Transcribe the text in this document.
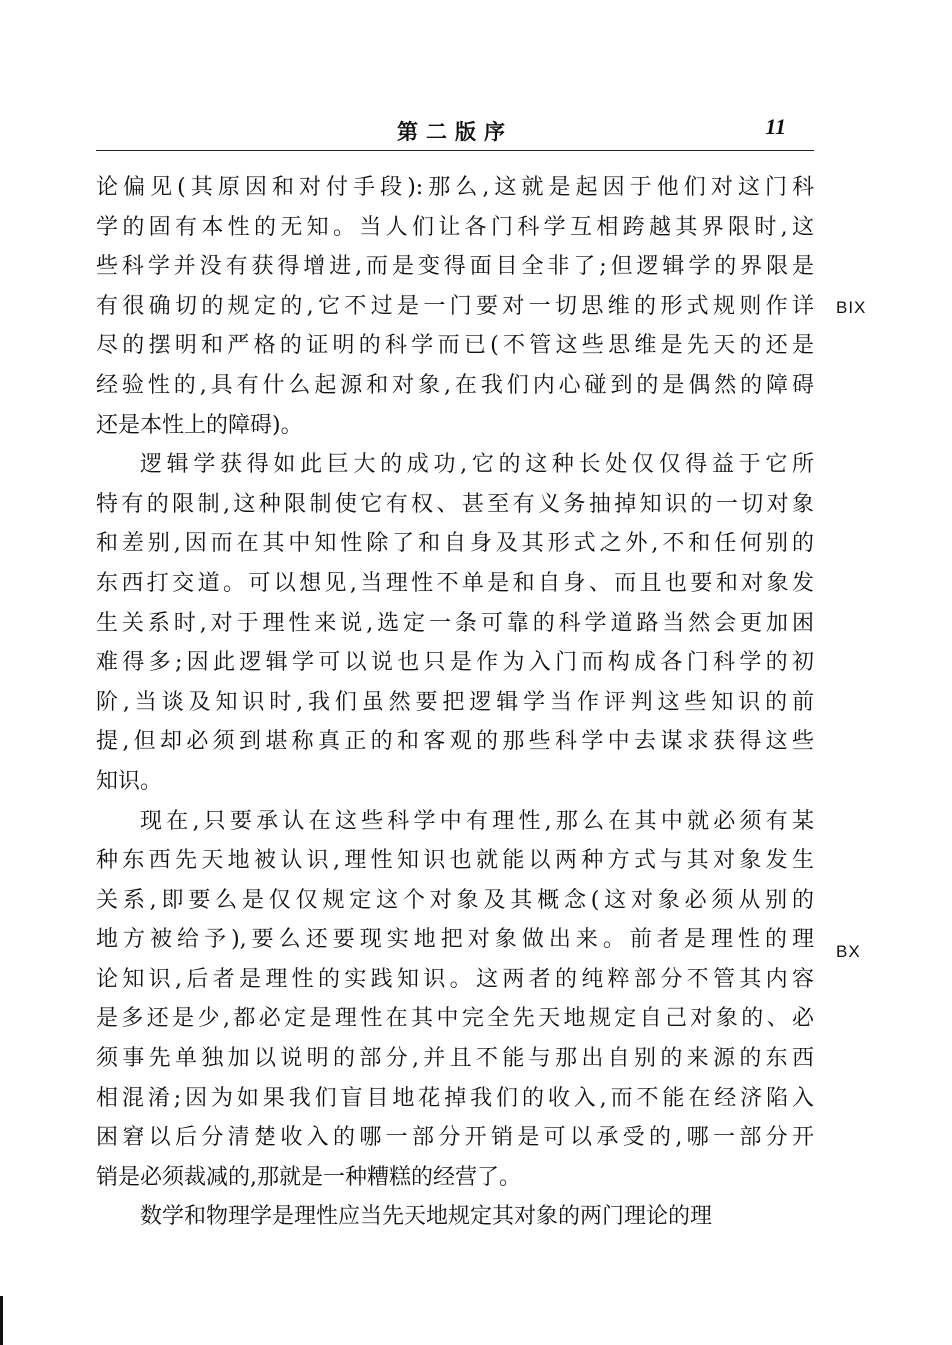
第二版序	11
论偏见(其原因和对付手段):那么,这就是起因于他们对这门科
学的固有本性的无知。当人们让各门科学互相跨越其界限时,这
些科学并没有获得增进,而是变得面目全非了;但逻辑学的界限是
有很确切的规定的,它不过是一门要对一切思维的形式规则作详
尽的摆明和严格的证明的科学而已(不管这些思维是先天的还是
经验性的,具有什么起源和对象,在我们内心碰到的是偶然的障碍
还是本性上的障碍)。
逻辑学获得如此巨大的成功,它的这种长处仅仅得益于它所
特有的限制,这种限制使它有权、甚至有义务抽掉知识的一切对象
和差别,因而在其中知性除了和自身及其形式之外,不和任何别的
东西打交道。可以想见,当理性不单是和自身、而且也要和对象发
生关系时,对于理性来说,选定一条可靠的科学道路当然会更加困
难得多;因此逻辑学可以说也只是作为入门而构成各门科学的初
阶,当谈及知识时,我们虽然要把逻辑学当作评判这些知识的前
提,但却必须到堪称真正的和客观的那些科学中去谋求获得这些
知识。
现在,只要承认在这些科学中有理性,那么在其中就必须有某
种东西先天地被认识,理性知识也就能以两种方式与其对象发生
关系,即要么是仅仅规定这个对象及其概念(这对象必须从别的
地方被给予),要么还要现实地把对象做出来。前者是理性的理
论知识,后者是理性的实践知识。这两者的纯粹部分不管其内容
是多还是少,都必定是理性在其中完全先天地规定自己对象的、必
须事先单独加以说明的部分,并且不能与那出自别的来源的东西
相混淆;因为如果我们盲目地花掉我们的收入,而不能在经济陷入
困窘以后分清楚收入的哪一部分开销是可以承受的,哪一部分开
销是必须裁减的,那就是一种糟糕的经营了。
数学和物理学是理性应当先天地规定其对象的两门理论的理
BIX
BX
